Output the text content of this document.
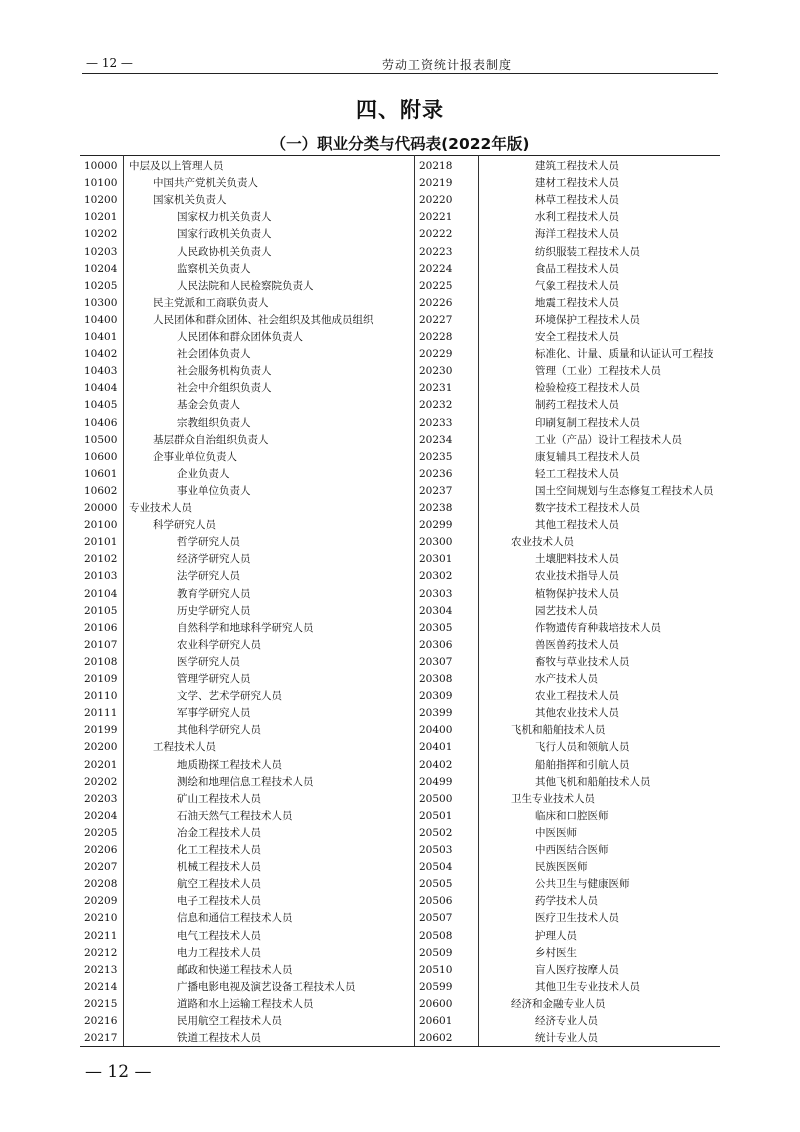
— 12 —	劳动工资统计报表制度
四、附录
（一）职业分类与代码表(2022年版)
10000	中层及以上管理人员
10100	中国共产党机关负责人
10200	国家机关负责人
10201	国家权力机关负责人
10202	国家行政机关负责人
10203	人民政协机关负责人
10204	监察机关负责人
10205	人民法院和人民检察院负责人
10300	民主党派和工商联负责人
10400	人民团体和群众团体、社会组织及其他成员组织
10401	人民团体和群众团体负责人
10402	社会团体负责人
10403	社会服务机构负责人
10404	社会中介组织负责人
10405	基金会负责人
10406	宗教组织负责人
10500	基层群众自治组织负责人
10600	企事业单位负责人
10601	企业负责人
10602	事业单位负责人
20000	专业技术人员
20100	科学研究人员
20101	哲学研究人员
20102	经济学研究人员
20103	法学研究人员
20104	教育学研究人员
20105	历史学研究人员
20106	自然科学和地球科学研究人员
20107	农业科学研究人员
20108	医学研究人员
20109	管理学研究人员
20110	文学、艺术学研究人员
20111	军事学研究人员
20199	其他科学研究人员
20200	工程技术人员
20201	地质勘探工程技术人员
20202	测绘和地理信息工程技术人员
20203	矿山工程技术人员
20204	石油天然气工程技术人员
20205	冶金工程技术人员
20206	化工工程技术人员
20207	机械工程技术人员
20208	航空工程技术人员
20209	电子工程技术人员
20210	信息和通信工程技术人员
20211	电气工程技术人员
20212	电力工程技术人员
20213	邮政和快递工程技术人员
20214	广播电影电视及演艺设备工程技术人员
20215	道路和水上运输工程技术人员
20216	民用航空工程技术人员
20217	铁道工程技术人员
20218	建筑工程技术人员
20219	建材工程技术人员
20220	林草工程技术人员
20221	水利工程技术人员
20222	海洋工程技术人员
20223	纺织服装工程技术人员
20224	食品工程技术人员
20225	气象工程技术人员
20226	地震工程技术人员
20227	环境保护工程技术人员
20228	安全工程技术人员
20229	标准化、计量、质量和认证认可工程技
20230	管理（工业）工程技术人员
20231	检验检疫工程技术人员
20232	制药工程技术人员
20233	印刷复制工程技术人员
20234	工业（产品）设计工程技术人员
20235	康复辅具工程技术人员
20236	轻工工程技术人员
20237	国土空间规划与生态修复工程技术人员
20238	数字技术工程技术人员
20299	其他工程技术人员
20300	农业技术人员
20301	土壤肥料技术人员
20302	农业技术指导人员
20303	植物保护技术人员
20304	园艺技术人员
20305	作物遗传育种栽培技术人员
20306	兽医兽药技术人员
20307	畜牧与草业技术人员
20308	水产技术人员
20309	农业工程技术人员
20399	其他农业技术人员
20400	飞机和船舶技术人员
20401	飞行人员和领航人员
20402	船舶指挥和引航人员
20499	其他飞机和船舶技术人员
20500	卫生专业技术人员
20501	临床和口腔医师
20502	中医医师
20503	中西医结合医师
20504	民族医医师
20505	公共卫生与健康医师
20506	药学技术人员
20507	医疗卫生技术人员
20508	护理人员
20509	乡村医生
20510	盲人医疗按摩人员
20599	其他卫生专业技术人员
20600	经济和金融专业人员
20601	经济专业人员
20602	统计专业人员
— 12 —
